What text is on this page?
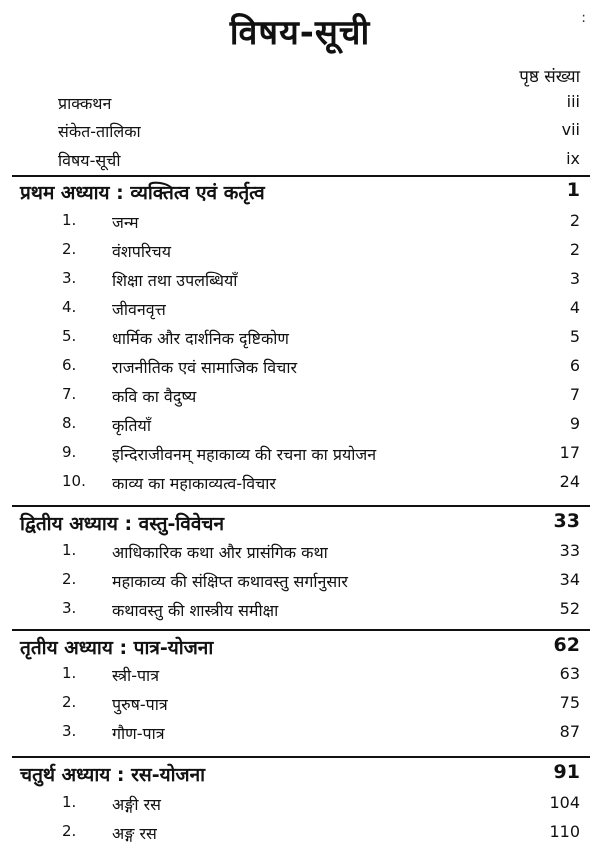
विषय-सूची	:
पृष्ठ संख्या
प्राक्कथन	iii
संकेत-तालिका	vii
विषय-सूची	ix
प्रथम अध्याय : व्यक्तित्व एवं कर्तृत्व	1
1. जन्म	2
2. वंशपरिचय	2
3. शिक्षा तथा उपलब्धियाँ	3
4. जीवनवृत्त	4
5. धार्मिक और दार्शनिक दृष्टिकोण	5
6. राजनीतिक एवं सामाजिक विचार	6
7. कवि का वैदुष्य	7
8. कृतियाँ	9
9. इन्दिराजीवनम् महाकाव्य की रचना का प्रयोजन	17
10. काव्य का महाकाव्यत्व-विचार	24
द्वितीय अध्याय : वस्तु-विवेचन	33
1. आधिकारिक कथा और प्रासंगिक कथा	33
2. महाकाव्य की संक्षिप्त कथावस्तु सर्गानुसार	34
3. कथावस्तु की शास्त्रीय समीक्षा	52
तृतीय अध्याय : पात्र-योजना	62
1. स्त्री-पात्र	63
2. पुरुष-पात्र	75
3. गौण-पात्र	87
चतुर्थ अध्याय : रस-योजना	91
1. अङ्गी रस	104
2. अङ्ग रस	110
